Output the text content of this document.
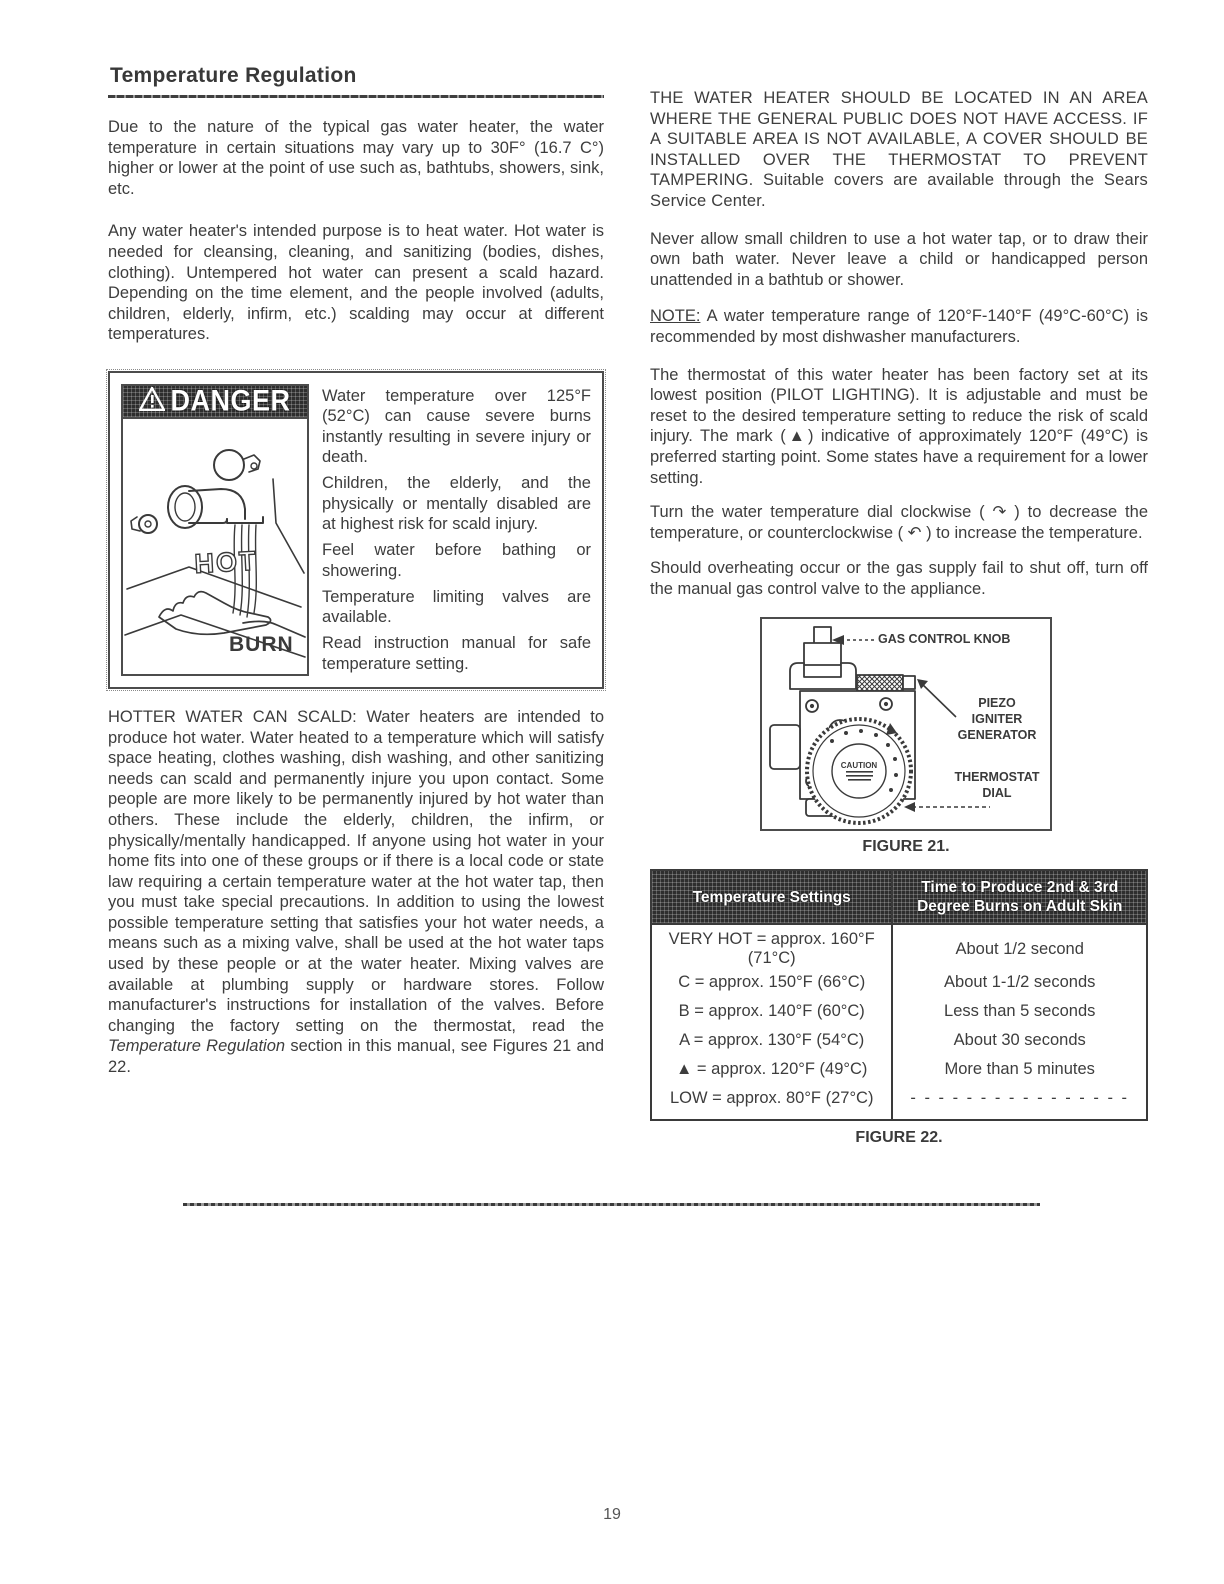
Temperature Regulation

Due to the nature of the typical gas water heater, the water temperature in certain situations may vary up to 30F° (16.7 C°) higher or lower at the point of use such as, bathtubs, showers, sink, etc.

Any water heater's intended purpose is to heat water. Hot water is needed for cleansing, cleaning, and sanitizing (bodies, dishes, clothing). Untempered hot water can present a scald hazard. Depending on the time element, and the people involved (adults, children, elderly, infirm, etc.) scalding may occur at different temperatures.

DANGER
HOT
BURN

Water temperature over 125°F (52°C) can cause severe burns instantly resulting in severe injury or death.

Children, the elderly, and the physically or mentally disabled are at highest risk for scald injury.

Feel water before bathing or showering.

Temperature limiting valves are available.

Read instruction manual for safe temperature setting.

HOTTER WATER CAN SCALD: Water heaters are intended to produce hot water. Water heated to a temperature which will satisfy space heating, clothes washing, dish washing, and other sanitizing needs can scald and permanently injure you upon contact. Some people are more likely to be permanently injured by hot water than others. These include the elderly, children, the infirm, or physically/mentally handicapped. If anyone using hot water in your home fits into one of these groups or if there is a local code or state law requiring a certain temperature water at the hot water tap, then you must take special precautions. In addition to using the lowest possible temperature setting that satisfies your hot water needs, a means such as a mixing valve, shall be used at the hot water taps used by these people or at the water heater. Mixing valves are available at plumbing supply or hardware stores. Follow manufacturer's instructions for installation of the valves. Before changing the factory setting on the thermostat, read the Temperature Regulation section in this manual, see Figures 21 and 22.

THE WATER HEATER SHOULD BE LOCATED IN AN AREA WHERE THE GENERAL PUBLIC DOES NOT HAVE ACCESS. IF A SUITABLE AREA IS NOT AVAILABLE, A COVER SHOULD BE INSTALLED OVER THE THERMOSTAT TO PREVENT TAMPERING. Suitable covers are available through the Sears Service Center.

Never allow small children to use a hot water tap, or to draw their own bath water. Never leave a child or handicapped person unattended in a bathtub or shower.

NOTE: A water temperature range of 120°F-140°F (49°C-60°C) is recommended by most dishwasher manufacturers.

The thermostat of this water heater has been factory set at its lowest position (PILOT LIGHTING). It is adjustable and must be reset to the desired temperature setting to reduce the risk of scald injury. The mark (▲) indicative of approximately 120°F (49°C) is preferred starting point. Some states have a requirement for a lower setting.

Turn the water temperature dial clockwise ( ↷ ) to decrease the temperature, or counterclockwise ( ↶ ) to increase the temperature.

Should overheating occur or the gas supply fail to shut off, turn off the manual gas control valve to the appliance.

CAUTION
GAS CONTROL KNOB
PIEZO
IGNITER
GENERATOR
THERMOSTAT
DIAL
FIGURE 21.
Temperature Settings	Time to Produce 2nd & 3rd Degree Burns on Adult Skin
VERY HOT = approx. 160°F (71°C)	About 1/2 second
C = approx. 150°F (66°C)	About 1-1/2 seconds
B = approx. 140°F (60°C)	Less than 5 seconds
A = approx. 130°F (54°C)	About 30 seconds
▲ = approx. 120°F (49°C)	More than 5 minutes
LOW = approx. 80°F (27°C)	- - - - - - - - - - - - - - - -
FIGURE 22.
19
